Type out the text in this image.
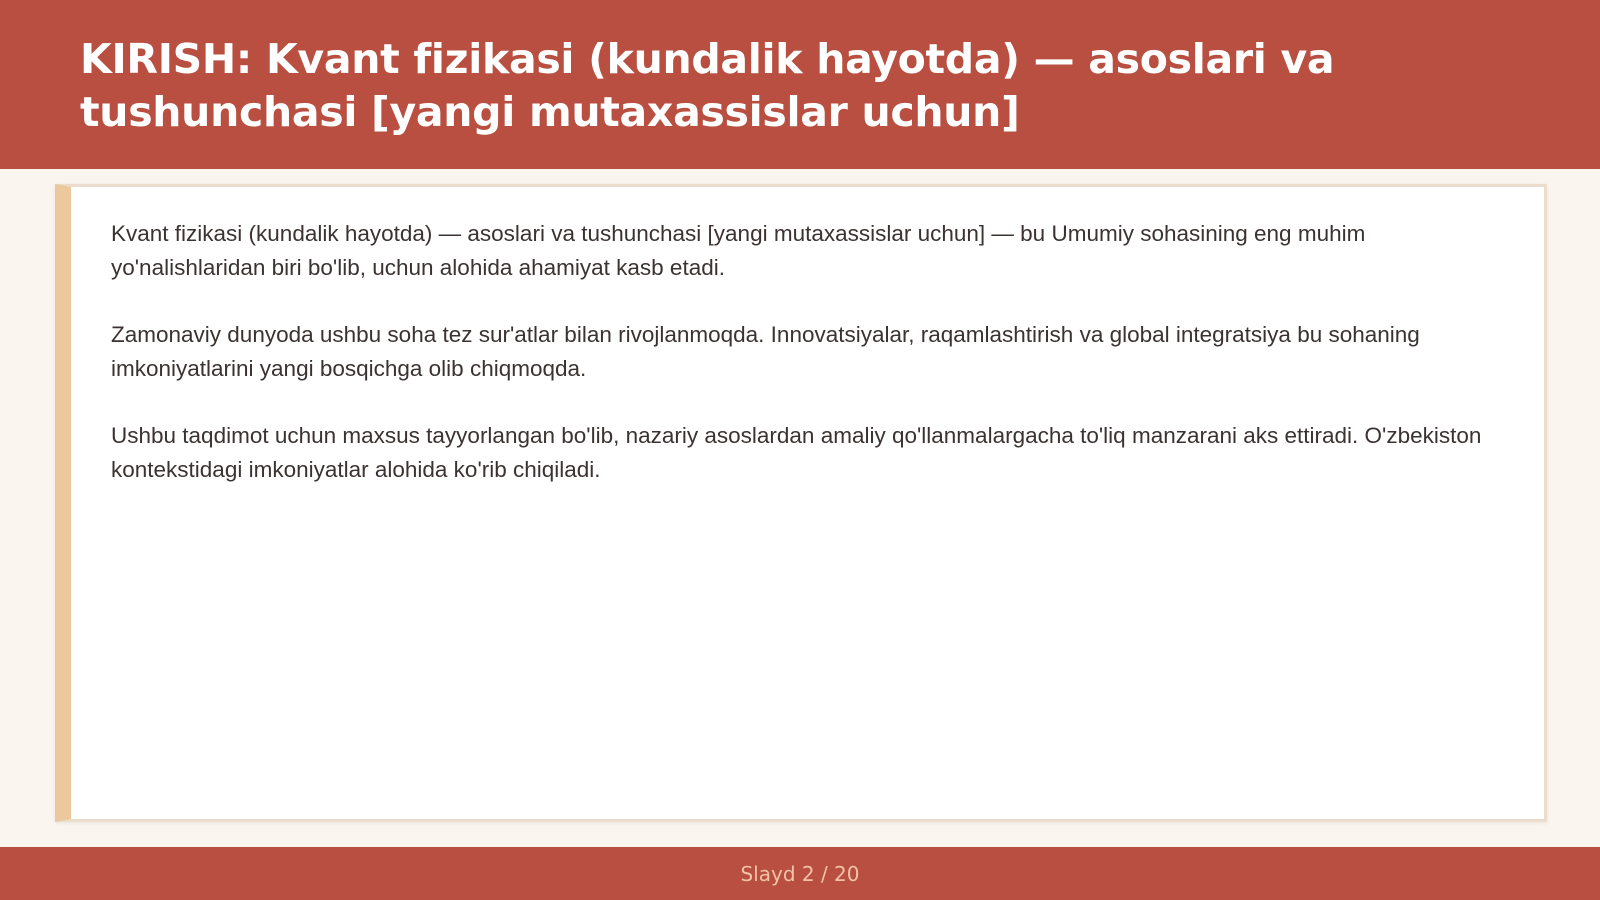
KIRISH: Kvant fizikasi (kundalik hayotda) — asoslari va tushunchasi [yangi mutaxassislar uchun]

Kvant fizikasi (kundalik hayotda) — asoslari va tushunchasi [yangi mutaxassislar uchun] — bu Umumiy sohasining eng muhim yo'nalishlaridan biri bo'lib, uchun alohida ahamiyat kasb etadi.

Zamonaviy dunyoda ushbu soha tez sur'atlar bilan rivojlanmoqda. Innovatsiyalar, raqamlashtirish va global integratsiya bu sohaning imkoniyatlarini yangi bosqichga olib chiqmoqda.

Ushbu taqdimot uchun maxsus tayyorlangan bo'lib, nazariy asoslardan amaliy qo'llanmalargacha to'liq manzarani aks ettiradi. O'zbekiston kontekstidagi imkoniyatlar alohida ko'rib chiqiladi.

Slayd 2 / 20
